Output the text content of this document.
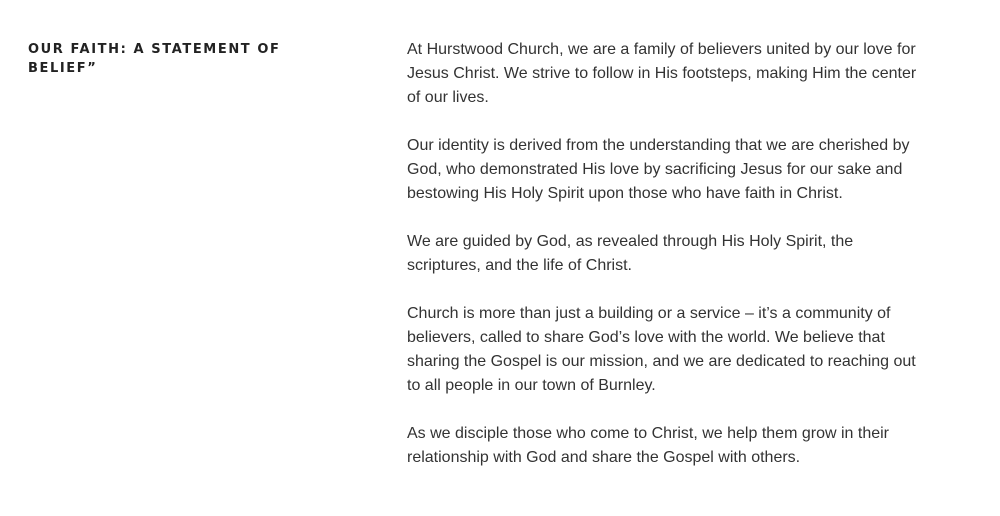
OUR FAITH: A STATEMENT OF BELIEF”

At Hurstwood Church, we are a family of believers united by our love for Jesus Christ. We strive to follow in His footsteps, making Him the center of our lives.

Our identity is derived from the understanding that we are cherished by God, who demonstrated His love by sacrificing Jesus for our sake and bestowing His Holy Spirit upon those who have faith in Christ.

We are guided by God, as revealed through His Holy Spirit, the scriptures, and the life of Christ.

Church is more than just a building or a service – it’s a community of believers, called to share God’s love with the world. We believe that sharing the Gospel is our mission, and we are dedicated to reaching out to all people in our town of Burnley.

As we disciple those who come to Christ, we help them grow in their relationship with God and share the Gospel with others.
